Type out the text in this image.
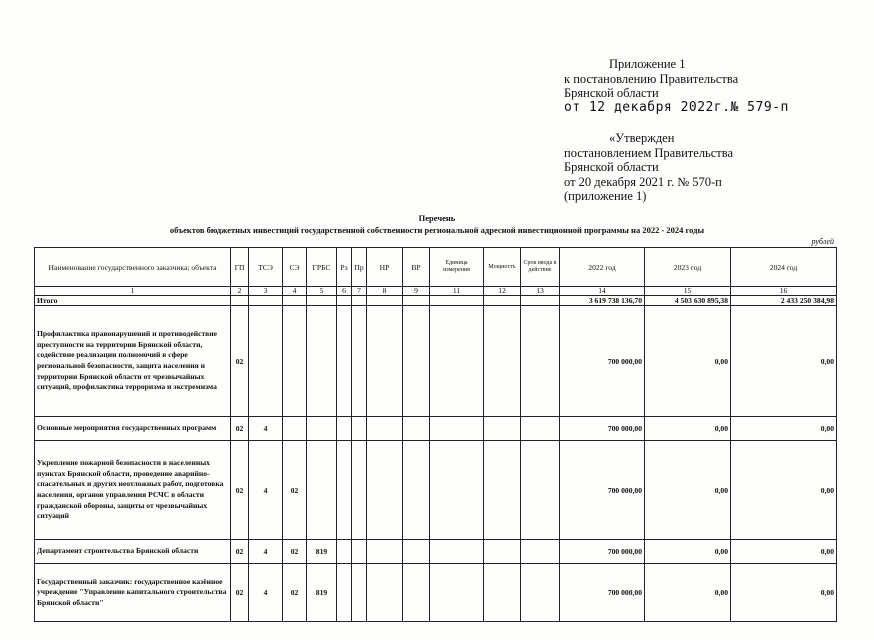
Приложение 1
к постановлению Правительства
Брянской области
от 12 декабря 2022г.№ 579-п
«Утвержден
постановлением Правительства
Брянской области
от 20 декабря 2021 г. № 570-п
(приложение 1)
Перечень
объектов бюджетных инвестиций государственной собственности региональной адресной инвестиционной программы на 2022 - 2024 годы
рублей
Наименование государственного заказчика; объекта	ГП	ТСЭ	СЭ	ГРБС	Рз	Пр	НР	ВР	Единица измерения	Мощность	Срок ввода в действие	2022 год	2023 год	2024 год
1	2	3	4	5	6	7	8	9	11	12	13	14	15	16
Итого												3 619 738 136,70	4 503 630 895,38	2 433 250 384,98
Профилактика правонарушений и противодействие преступности на территории Брянской области, содействие реализации полномочий в сфере региональной безопасности, защита населения и территории Брянской области от чрезвычайных ситуаций, профилактика терроризма и экстремизма	02											700 000,00	0,00	0,00
Основные мероприятия государственных программ	02	4										700 000,00	0,00	0,00
Укрепление пожарной безопасности в населенных пунктах Брянской области, проведение аварийно-спасательных и других неотложных работ, подготовка населения, органов управления РСЧС в области гражданской обороны, защиты от чрезвычайных ситуаций	02	4	02									700 000,00	0,00	0,00
Департамент строительства Брянской области	02	4	02	819								700 000,00	0,00	0,00
Государственный заказчик: государственное казённое учреждение "Управление капитального строительства Брянской области"	02	4	02	819								700 000,00	0,00	0,00
